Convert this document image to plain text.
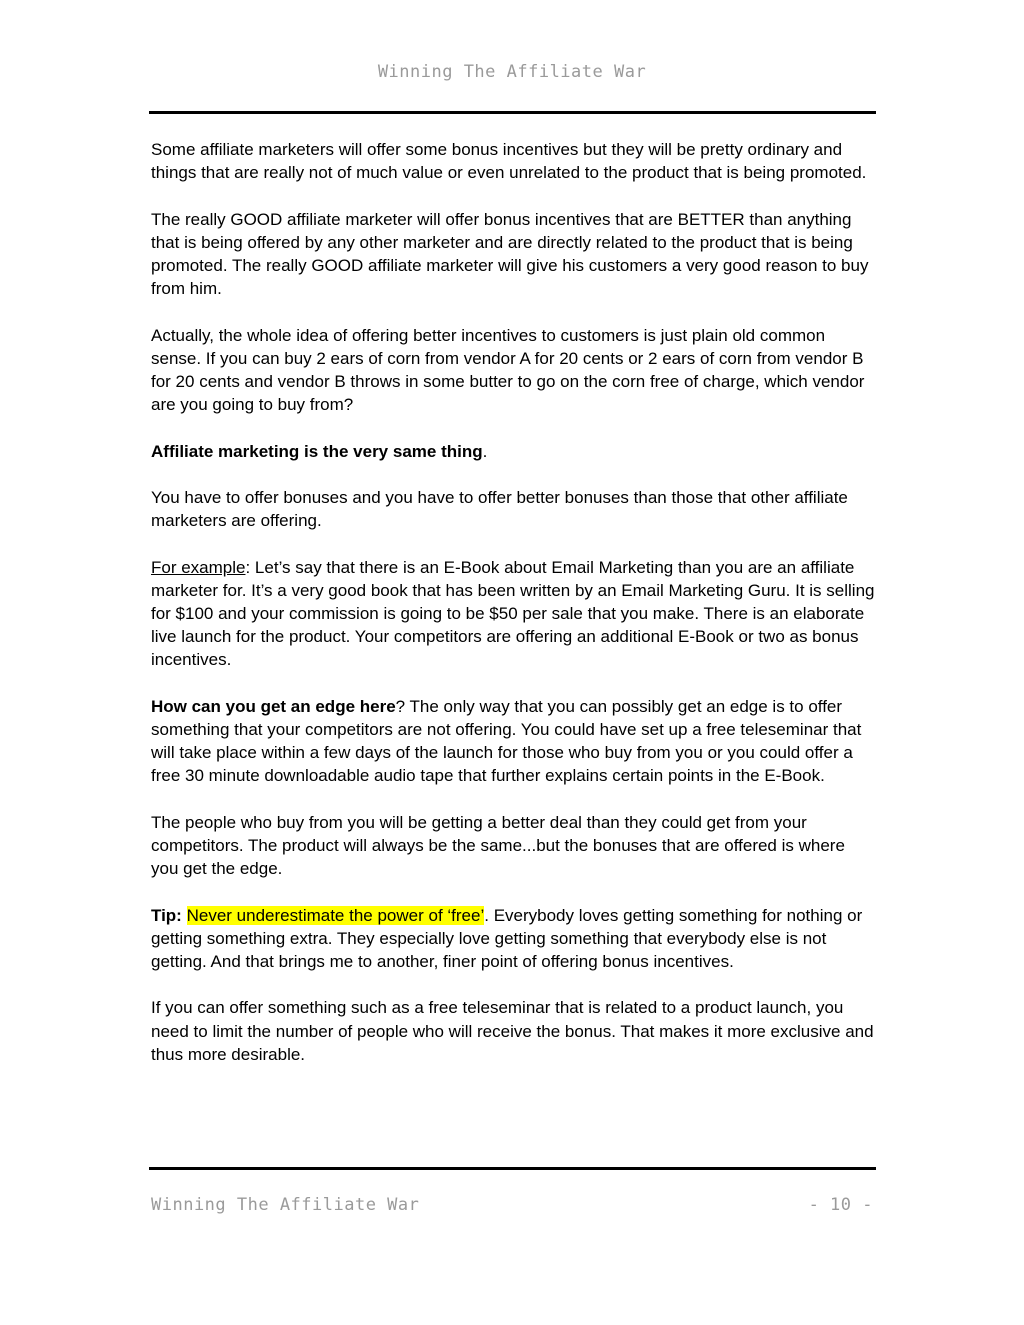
Winning The Affiliate War

Some affiliate marketers will offer some bonus incentives but they will be pretty ordinary and things that are really not of much value or even unrelated to the product that is being promoted.

The really GOOD affiliate marketer will offer bonus incentives that are BETTER than anything that is being offered by any other marketer and are directly related to the product that is being promoted. The really GOOD affiliate marketer will give his customers a very good reason to buy from him.

Actually, the whole idea of offering better incentives to customers is just plain old common sense. If you can buy 2 ears of corn from vendor A for 20 cents or 2 ears of corn from vendor B for 20 cents and vendor B throws in some butter to go on the corn free of charge, which vendor are you going to buy from?

Affiliate marketing is the very same thing.

You have to offer bonuses and you have to offer better bonuses than those that other affiliate marketers are offering.

For example: Let’s say that there is an E-Book about Email Marketing than you are an affiliate marketer for. It’s a very good book that has been written by an Email Marketing Guru. It is selling for $100 and your commission is going to be $50 per sale that you make. There is an elaborate live launch for the product. Your competitors are offering an additional E-Book or two as bonus incentives.

How can you get an edge here? The only way that you can possibly get an edge is to offer something that your competitors are not offering. You could have set up a free teleseminar that will take place within a few days of the launch for those who buy from you or you could offer a free 30 minute downloadable audio tape that further explains certain points in the E-Book.

The people who buy from you will be getting a better deal than they could get from your competitors. The product will always be the same...but the bonuses that are offered is where you get the edge.

Tip: Never underestimate the power of ‘free’. Everybody loves getting something for nothing or getting something extra. They especially love getting something that everybody else is not getting. And that brings me to another, finer point of offering bonus incentives.

If you can offer something such as a free teleseminar that is related to a product launch, you need to limit the number of people who will receive the bonus. That makes it more exclusive and thus more desirable.

Winning The Affiliate War	- 10 -
